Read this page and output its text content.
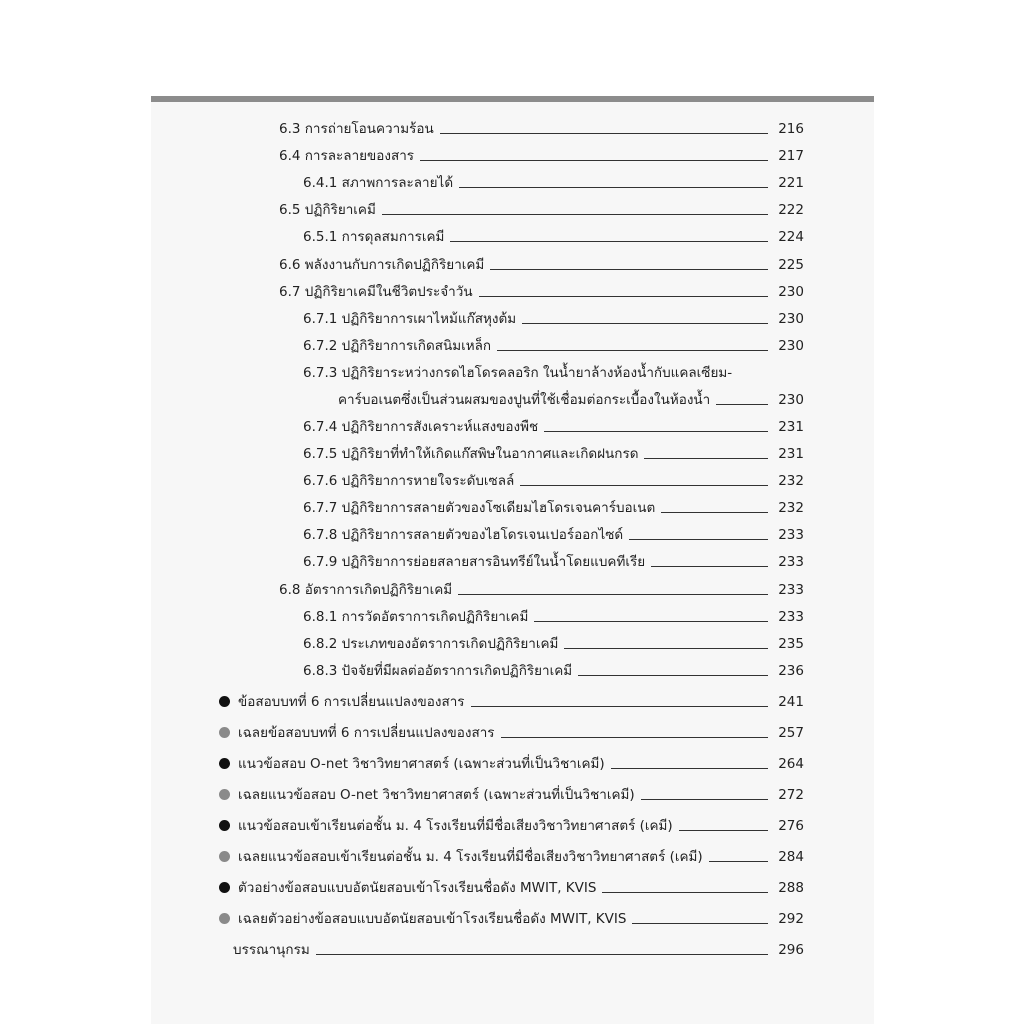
6.3 การถ่ายโอนความร้อน	216
6.4 การละลายของสาร	217
6.4.1 สภาพการละลายได้	221
6.5 ปฏิกิริยาเคมี	222
6.5.1 การดุลสมการเคมี	224
6.6 พลังงานกับการเกิดปฏิกิริยาเคมี	225
6.7 ปฏิกิริยาเคมีในชีวิตประจำวัน	230
6.7.1 ปฏิกิริยาการเผาไหม้แก๊สหุงต้ม	230
6.7.2 ปฏิกิริยาการเกิดสนิมเหล็ก	230
6.7.3 ปฏิกิริยาระหว่างกรดไฮโดรคลอริก ในน้ำยาล้างห้องน้ำกับแคลเซียม-
คาร์บอเนตซึ่งเป็นส่วนผสมของปูนที่ใช้เชื่อมต่อกระเบื้องในห้องน้ำ	230
6.7.4 ปฏิกิริยาการสังเคราะห์แสงของพืช	231
6.7.5 ปฏิกิริยาที่ทำให้เกิดแก๊สพิษในอากาศและเกิดฝนกรด	231
6.7.6 ปฏิกิริยาการหายใจระดับเซลล์	232
6.7.7 ปฏิกิริยาการสลายตัวของโซเดียมไฮโดรเจนคาร์บอเนต	232
6.7.8 ปฏิกิริยาการสลายตัวของไฮโดรเจนเปอร์ออกไซด์	233
6.7.9 ปฏิกิริยาการย่อยสลายสารอินทรีย์ในน้ำโดยแบคทีเรีย	233
6.8 อัตราการเกิดปฏิกิริยาเคมี	233
6.8.1 การวัดอัตราการเกิดปฏิกิริยาเคมี	233
6.8.2 ประเภทของอัตราการเกิดปฏิกิริยาเคมี	235
6.8.3 ปัจจัยที่มีผลต่ออัตราการเกิดปฏิกิริยาเคมี	236
ข้อสอบบทที่ 6 การเปลี่ยนแปลงของสาร	241
เฉลยข้อสอบบทที่ 6 การเปลี่ยนแปลงของสาร	257
แนวข้อสอบ O-net วิชาวิทยาศาสตร์ (เฉพาะส่วนที่เป็นวิชาเคมี)	264
เฉลยแนวข้อสอบ O-net วิชาวิทยาศาสตร์ (เฉพาะส่วนที่เป็นวิชาเคมี)	272
แนวข้อสอบเข้าเรียนต่อชั้น ม. 4 โรงเรียนที่มีชื่อเสียงวิชาวิทยาศาสตร์ (เคมี)	276
เฉลยแนวข้อสอบเข้าเรียนต่อชั้น ม. 4 โรงเรียนที่มีชื่อเสียงวิชาวิทยาศาสตร์ (เคมี)	284
ตัวอย่างข้อสอบแบบอัตนัยสอบเข้าโรงเรียนชื่อดัง MWIT, KVIS	288
เฉลยตัวอย่างข้อสอบแบบอัตนัยสอบเข้าโรงเรียนชื่อดัง MWIT, KVIS	292
บรรณานุกรม	296
